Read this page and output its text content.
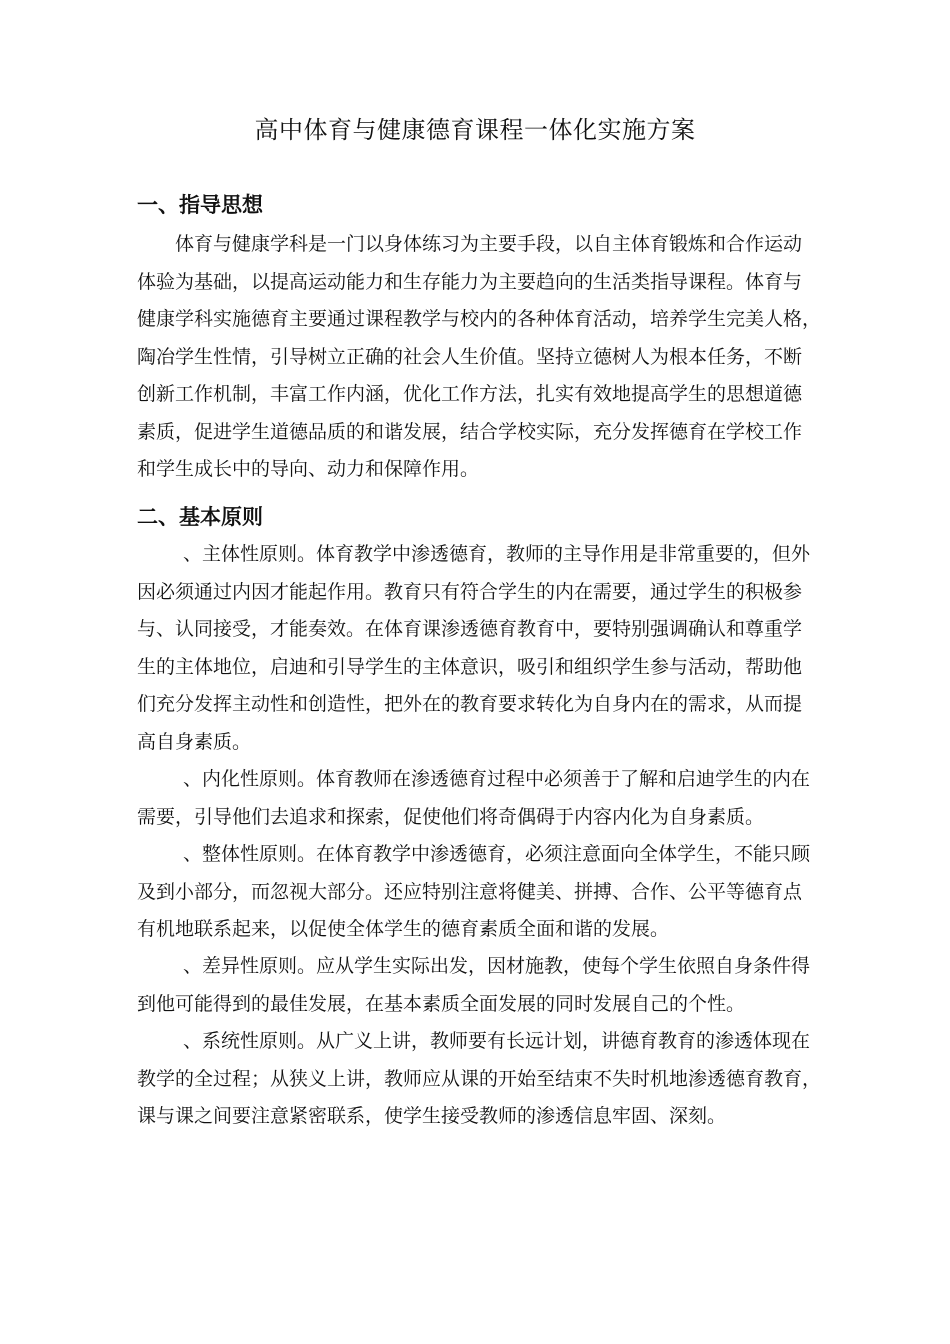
高中体育与健康德育课程一体化实施方案
一、指导思想
体育与健康学科是一门以身体练习为主要手段，以自主体育锻炼和合作运动
体验为基础，以提高运动能力和生存能力为主要趋向的生活类指导课程。体育与
健康学科实施德育主要通过课程教学与校内的各种体育活动，培养学生完美人格，
陶冶学生性情，引导树立正确的社会人生价值。坚持立德树人为根本任务，不断
创新工作机制，丰富工作内涵，优化工作方法，扎实有效地提高学生的思想道德
素质，促进学生道德品质的和谐发展，结合学校实际，充分发挥德育在学校工作
和学生成长中的导向、动力和保障作用。
二、基本原则
、主体性原则。体育教学中渗透德育，教师的主导作用是非常重要的，但外
因必须通过内因才能起作用。教育只有符合学生的内在需要，通过学生的积极参
与、认同接受，才能奏效。在体育课渗透德育教育中，要特别强调确认和尊重学
生的主体地位，启迪和引导学生的主体意识，吸引和组织学生参与活动，帮助他
们充分发挥主动性和创造性，把外在的教育要求转化为自身内在的需求，从而提
高自身素质。
、内化性原则。体育教师在渗透德育过程中必须善于了解和启迪学生的内在
需要，引导他们去追求和探索，促使他们将奇偶碍于内容内化为自身素质。
、整体性原则。在体育教学中渗透德育，必须注意面向全体学生，不能只顾
及到小部分，而忽视大部分。还应特别注意将健美、拼搏、合作、公平等德育点
有机地联系起来，以促使全体学生的德育素质全面和谐的发展。
、差异性原则。应从学生实际出发，因材施教，使每个学生依照自身条件得
到他可能得到的最佳发展，在基本素质全面发展的同时发展自己的个性。
、系统性原则。从广义上讲，教师要有长远计划，讲德育教育的渗透体现在
教学的全过程；从狭义上讲，教师应从课的开始至结束不失时机地渗透德育教育，
课与课之间要注意紧密联系，使学生接受教师的渗透信息牢固、深刻。
